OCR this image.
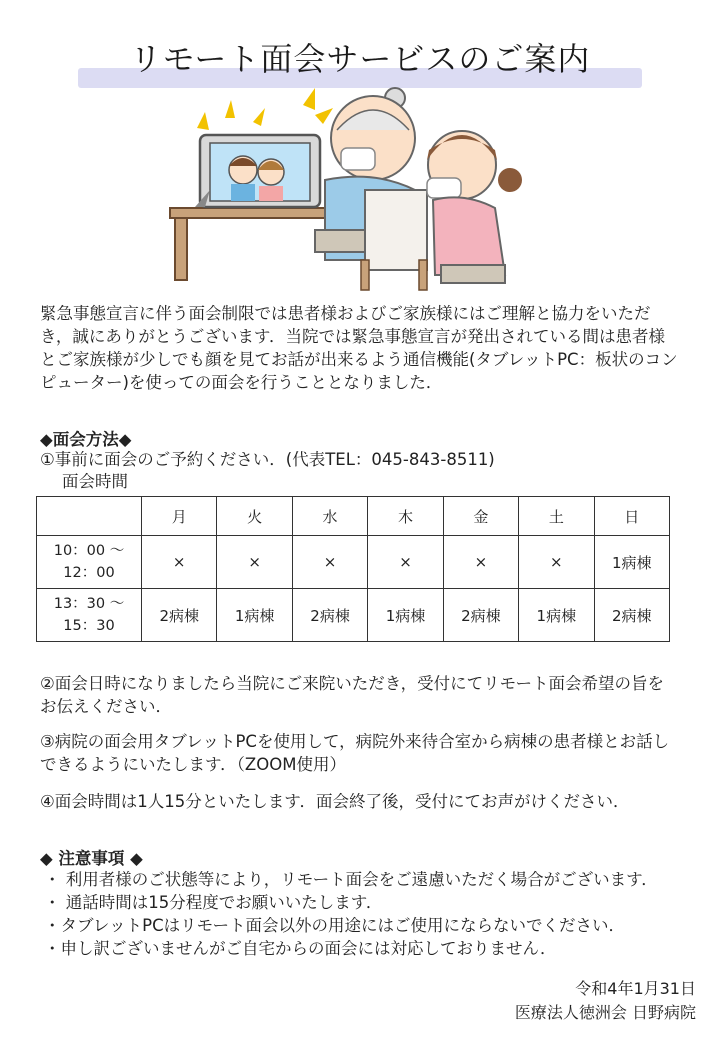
リモート面会サービスのご案内
緊急事態宣言に伴う面会制限では患者様およびご家族様にはご理解と協力をいただき，誠にありがとうございます．当院では緊急事態宣言が発出されている間は患者様とご家族様が少しでも顔を見てお話が出来るよう通信機能(タブレットPC：板状のコンピューター)を使っての面会を行うこととなりました．
◆面会方法◆
①事前に面会のご予約ください．(代表TEL：045-843-8511)
面会時間
	月	火	水	木	金	土	日
10：00 〜
12：00	×	×	×	×	×	×	1病棟
13：30 〜
15：30	2病棟	1病棟	2病棟	1病棟	2病棟	1病棟	2病棟
②面会日時になりましたら当院にご来院いただき，受付にてリモート面会希望の旨をお伝えください．
③病院の面会用タブレットPCを使用して，病院外来待合室から病棟の患者様とお話しできるようにいたします．（ZOOM使用）
④面会時間は1人15分といたします．面会終了後，受付にてお声がけください．
◆ 注意事項 ◆
・ 利用者様のご状態等により，リモート面会をご遠慮いただく場合がございます．
・ 通話時間は15分程度でお願いいたします．
・タブレットPCはリモート面会以外の用途にはご使用にならないでください．
・申し訳ございませんがご自宅からの面会には対応しておりません．
令和4年1月31日
医療法人徳洲会 日野病院
